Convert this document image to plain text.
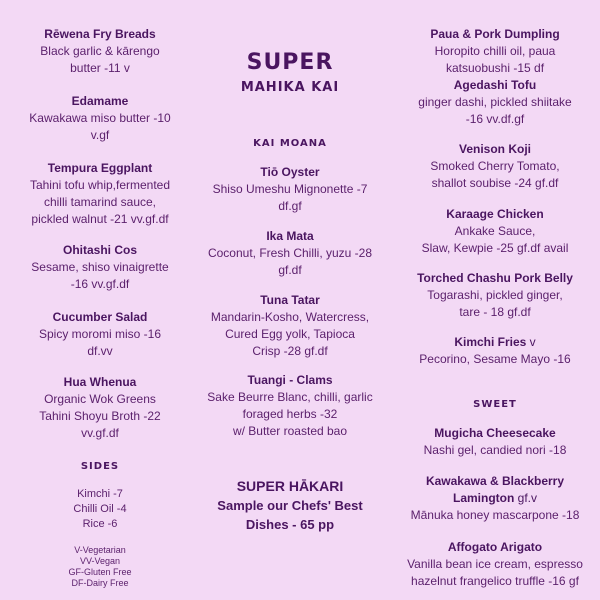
Rēwena Fry Breads
Black garlic & kārengo
butter -11 v
Edamame
Kawakawa miso butter -10
v.gf
Tempura Eggplant
Tahini tofu whip,fermented
chilli tamarind sauce,
pickled walnut -21 vv.gf.df
Ohitashi Cos
Sesame, shiso vinaigrette
-16 vv.gf.df
Cucumber Salad
Spicy moromi miso -16
df.vv
Hua Whenua
Organic Wok Greens
Tahini Shoyu Broth -22
vv.gf.df
SIDES
Kimchi -7
Chilli Oil -4
Rice -6
V-Vegetarian
VV-Vegan
GF-Gluten Free
DF-Dairy Free
SUPER
MAHIKA KAI
KAI MOANA
Tiō Oyster
Shiso Umeshu Mignonette -7
df.gf
Ika Mata
Coconut, Fresh Chilli, yuzu -28
gf.df
Tuna Tatar
Mandarin-Kosho, Watercress,
Cured Egg yolk, Tapioca
Crisp -28 gf.df
Tuangi - Clams
Sake Beurre Blanc, chilli, garlic
foraged herbs -32
w/ Butter roasted bao
SUPER HĀKARI
Sample our Chefs' Best
Dishes - 65 pp
Paua & Pork Dumpling
Horopito chilli oil, paua
katsuobushi -15 df
Agedashi Tofu
ginger dashi, pickled shiitake
-16 vv.df.gf
Venison Koji
Smoked Cherry Tomato,
shallot soubise -24 gf.df
Karaage Chicken
Ankake Sauce,
Slaw, Kewpie -25 gf.df avail
Torched Chashu Pork Belly
Togarashi, pickled ginger,
tare - 18 gf.df
Kimchi Fries v
Pecorino, Sesame Mayo -16
SWEET
Mugicha Cheesecake
Nashi gel, candied nori -18
Kawakawa & Blackberry
Lamington gf.v
Mānuka honey mascarpone -18
Affogato Arigato
Vanilla bean ice cream, espresso
hazelnut frangelico truffle -16 gf
